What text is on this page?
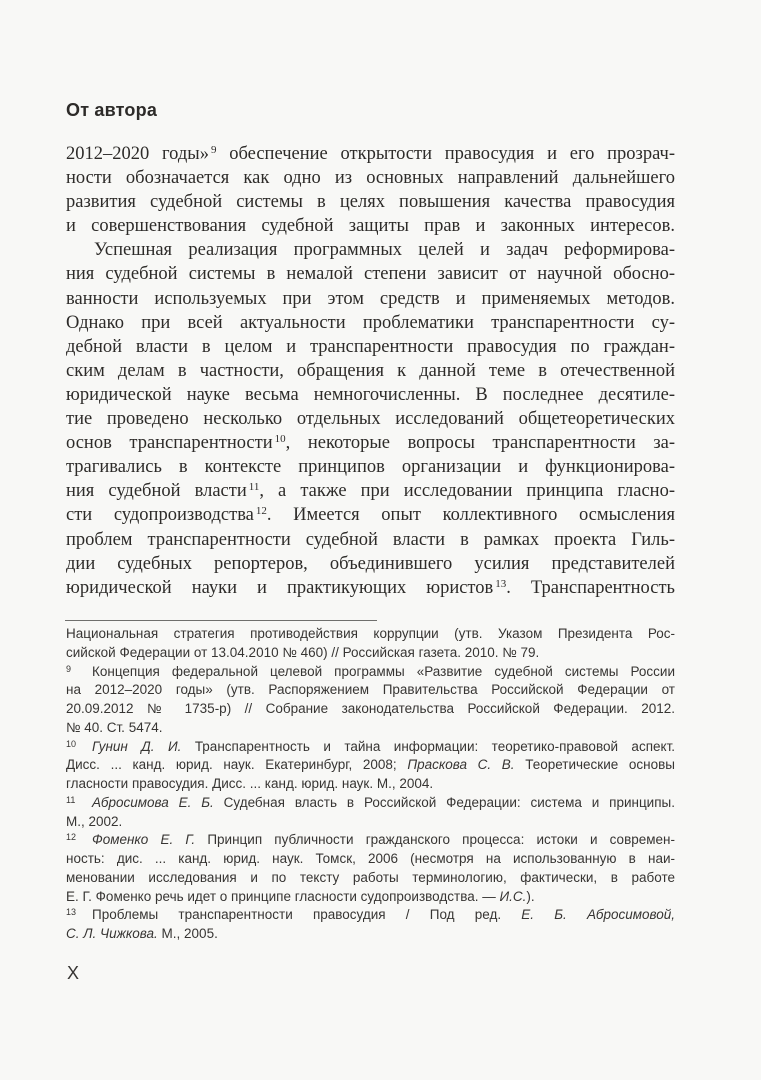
От автора
2012–2020 годы» $^9$ обеспечение открытости правосудия и его прозрач-
ности обозначается как одно из основных направлений дальнейшего
развития судебной системы в целях повышения качества правосудия
и совершенствования судебной защиты прав и законных интересов.
Успешная реализация программных целей и задач реформирова-
ния судебной системы в немалой степени зависит от научной обосно-
ванности используемых при этом средств и применяемых методов.
Однако при всей актуальности проблематики транспарентности су-
дебной власти в целом и транспарентности правосудия по граждан-
ским делам в частности, обращения к данной теме в отечественной
юридической науке весьма немногочисленны. В последнее десятиле-
тие проведено несколько отдельных исследований общетеоретических
основ транспарентности $^{10}$, некоторые вопросы транспарентности за-
трагивались в контексте принципов организации и функционирова-
ния судебной власти $^{11}$, а также при исследовании принципа гласно-
сти судопроизводства $^{12}$. Имеется опыт коллективного осмысления
проблем транспарентности судебной власти в рамках проекта Гиль-
дии судебных репортеров, объединившего усилия представителей
юридической науки и практикующих юристов $^{13}$. Транспарентность
Национальная стратегия противодействия коррупции (утв. Указом Президента Рос-
сийской Федерации от 13.04.2010 № 460) // Российская газета. 2010. № 79.
9 Концепция федеральной целевой программы «Развитие судебной системы России
на 2012–2020 годы» (утв. Распоряжением Правительства Российской Федерации от
20.09.2012 № 1735-р) // Собрание законодательства Российской Федерации. 2012.
№ 40. Ст. 5474.
10 Гунин Д. И. Транспарентность и тайна информации: теоретико-правовой аспект.
Дисс. ... канд. юрид. наук. Екатеринбург, 2008; Праскова С. В. Теоретические основы
гласности правосудия. Дисс. ... канд. юрид. наук. М., 2004.
11 Абросимова Е. Б. Судебная власть в Российской Федерации: система и принципы.
М., 2002.
12 Фоменко Е. Г. Принцип публичности гражданского процесса: истоки и современ-
ность: дис. ... канд. юрид. наук. Томск, 2006 (несмотря на использованную в наи-
меновании исследования и по тексту работы терминологию, фактически, в работе
Е. Г. Фоменко речь идет о принципе гласности судопроизводства. — И.С.).
13 Проблемы транспарентности правосудия / Под ред. Е. Б. Абросимовой,
С. Л. Чижкова. М., 2005.
X
